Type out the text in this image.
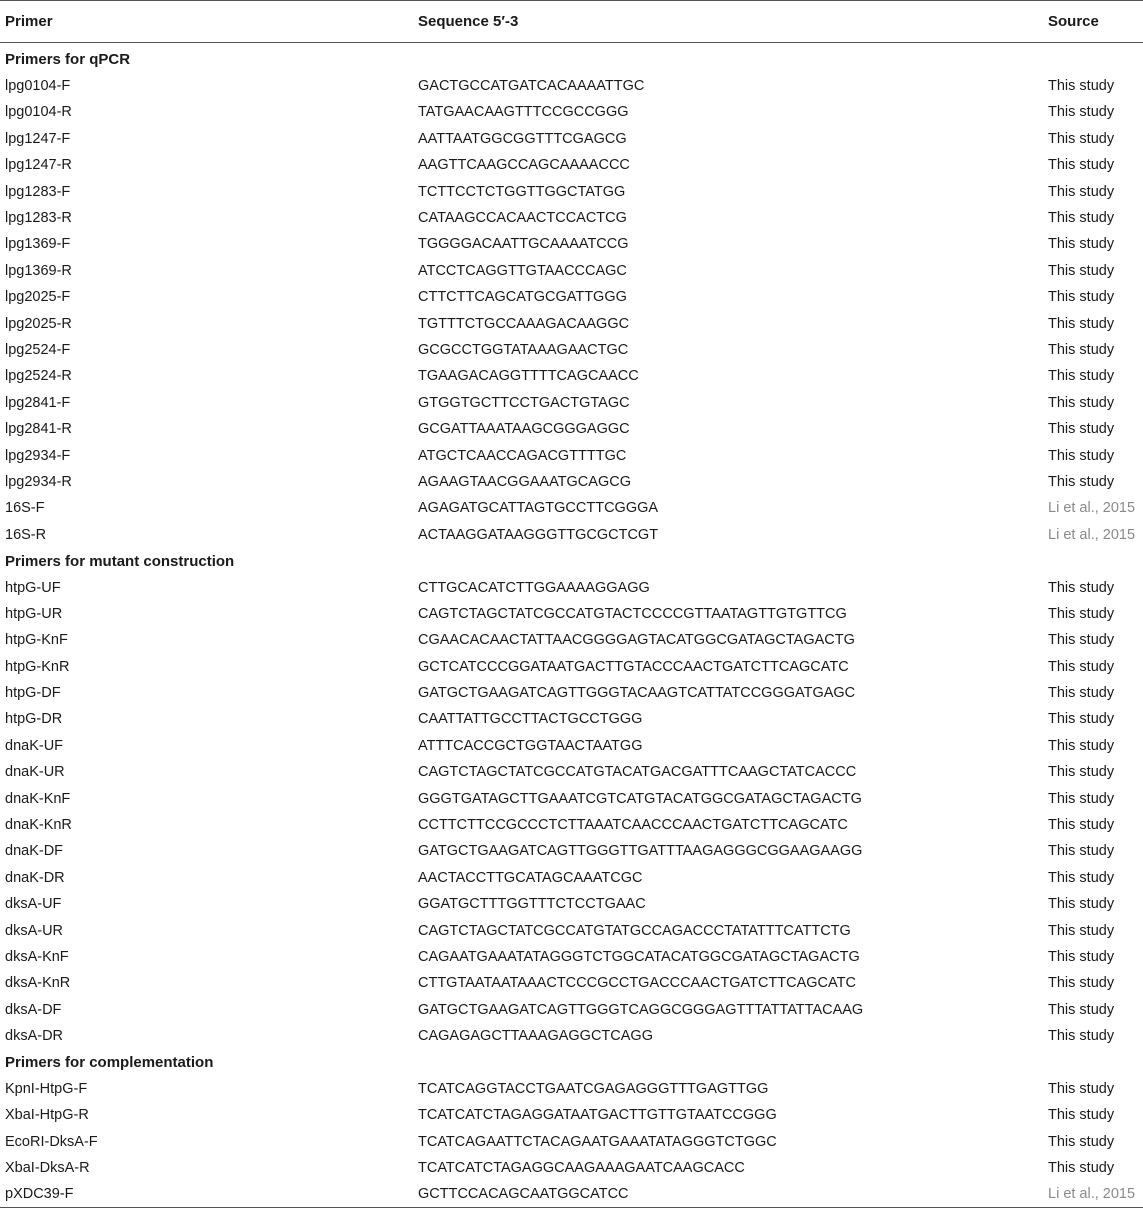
Primer	Sequence 5′-3	Source

Primers for qPCR		
lpg0104-F	GACTGCCATGATCACAAAATTGC	This study
lpg0104-R	TATGAACAAGTTTCCGCCGGG	This study
lpg1247-F	AATTAATGGCGGTTTCGAGCG	This study
lpg1247-R	AAGTTCAAGCCAGCAAAACCC	This study
lpg1283-F	TCTTCCTCTGGTTGGCTATGG	This study
lpg1283-R	CATAAGCCACAACTCCACTCG	This study
lpg1369-F	TGGGGACAATTGCAAAATCCG	This study
lpg1369-R	ATCCTCAGGTTGTAACCCAGC	This study
lpg2025-F	CTTCTTCAGCATGCGATTGGG	This study
lpg2025-R	TGTTTCTGCCAAAGACAAGGC	This study
lpg2524-F	GCGCCTGGTATAAAGAACTGC	This study
lpg2524-R	TGAAGACAGGTTTTCAGCAACC	This study
lpg2841-F	GTGGTGCTTCCTGACTGTAGC	This study
lpg2841-R	GCGATTAAATAAGCGGGAGGC	This study
lpg2934-F	ATGCTCAACCAGACGTTTTGC	This study
lpg2934-R	AGAAGTAACGGAAATGCAGCG	This study
16S-F	AGAGATGCATTAGTGCCTTCGGGA	Li et al., 2015
16S-R	ACTAAGGATAAGGGTTGCGCTCGT	Li et al., 2015
Primers for mutant construction		
htpG-UF	CTTGCACATCTTGGAAAAGGAGG	This study
htpG-UR	CAGTCTAGCTATCGCCATGTACTCCCCGTTAATAGTTGTGTTCG	This study
htpG-KnF	CGAACACAACTATTAACGGGGAGTACATGGCGATAGCTAGACTG	This study
htpG-KnR	GCTCATCCCGGATAATGACTTGTACCCAACTGATCTTCAGCATC	This study
htpG-DF	GATGCTGAAGATCAGTTGGGTACAAGTCATTATCCGGGATGAGC	This study
htpG-DR	CAATTATTGCCTTACTGCCTGGG	This study
dnaK-UF	ATTTCACCGCTGGTAACTAATGG	This study
dnaK-UR	CAGTCTAGCTATCGCCATGTACATGACGATTTCAAGCTATCACCC	This study
dnaK-KnF	GGGTGATAGCTTGAAATCGTCATGTACATGGCGATAGCTAGACTG	This study
dnaK-KnR	CCTTCTTCCGCCCTCTTAAATCAACCCAACTGATCTTCAGCATC	This study
dnaK-DF	GATGCTGAAGATCAGTTGGGTTGATTTAAGAGGGCGGAAGAAGG	This study
dnaK-DR	AACTACCTTGCATAGCAAATCGC	This study
dksA-UF	GGATGCTTTGGTTTCTCCTGAAC	This study
dksA-UR	CAGTCTAGCTATCGCCATGTATGCCAGACCCTATATTTCATTCTG	This study
dksA-KnF	CAGAATGAAATATAGGGTCTGGCATACATGGCGATAGCTAGACTG	This study
dksA-KnR	CTTGTAATAATAAACTCCCGCCTGACCCAACTGATCTTCAGCATC	This study
dksA-DF	GATGCTGAAGATCAGTTGGGTCAGGCGGGAGTTTATTATTACAAG	This study
dksA-DR	CAGAGAGCTTAAAGAGGCTCAGG	This study
Primers for complementation		
KpnI-HtpG-F	TCATCAGGTACCTGAATCGAGAGGGTTTGAGTTGG	This study
XbaI-HtpG-R	TCATCATCTAGAGGATAATGACTTGTTGTAATCCGGG	This study
EcoRI-DksA-F	TCATCAGAATTCTACAGAATGAAATATAGGGTCTGGC	This study
XbaI-DksA-R	TCATCATCTAGAGGCAAGAAAGAATCAAGCACC	This study
pXDC39-F	GCTTCCACAGCAATGGCATCC	Li et al., 2015
